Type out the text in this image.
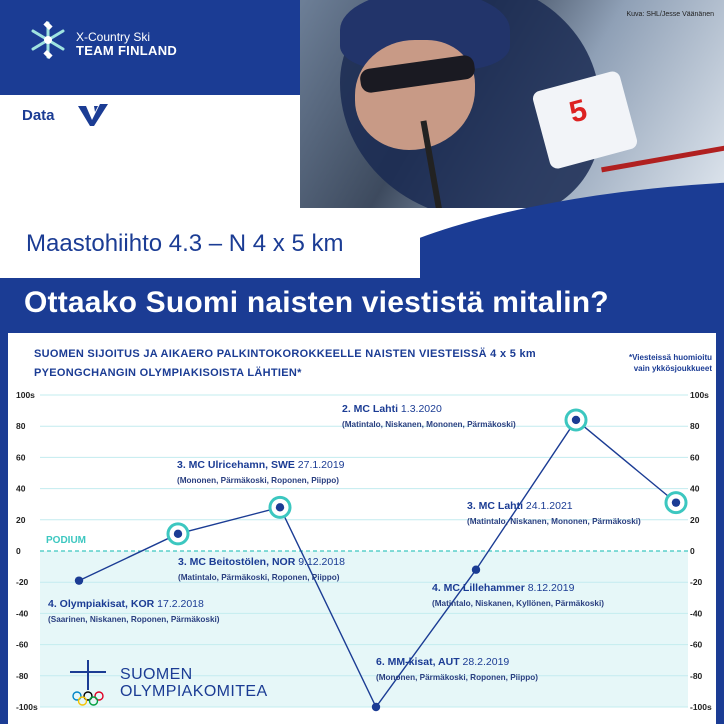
5
Kuva: SHL/Jesse Väänänen
X-Country Ski
TEAM FINLAND
Data
Maastohiihto 4.3 – N 4 x 5 km
Ottaako Suomi naisten viestistä mitalin?
100s	100s
80	80
60	60
40	40
20	20
0	0
-20	-20
-40	-40
-60	-60
-80	-80
-100s	-100s
PODIUM
4. Olympiakisat, KOR 17.2.2018
(Saarinen, Niskanen, Roponen, Pärmäkoski)
3. MC Beitostölen, NOR 9.12.2018
(Matintalo, Pärmäkoski, Roponen, Piippo)
3. MC Ulricehamn, SWE 27.1.2019
(Mononen, Pärmäkoski, Roponen, Piippo)
6. MM-kisat, AUT 28.2.2019
(Mononen, Pärmäkoski, Roponen, Piippo)
4. MC Lillehammer 8.12.2019
(Matintalo, Niskanen, Kyllönen, Pärmäkoski)
2. MC Lahti 1.3.2020
(Matintalo, Niskanen, Mononen, Pärmäkoski)
3. MC Lahti 24.1.2021
(Matintalo, Niskanen, Mononen, Pärmäkoski)
SUOMEN SIJOITUS JA AIKAERO PALKINTOKOROKKEELLE NAISTEN VIESTEISSÄ 4 x 5 km
PYEONGCHANGIN OLYMPIAKISOISTA LÄHTIEN*
*Viesteissä huomioitu
vain ykkösjoukkueet
SUOMEN
OLYMPIAKOMITEA
